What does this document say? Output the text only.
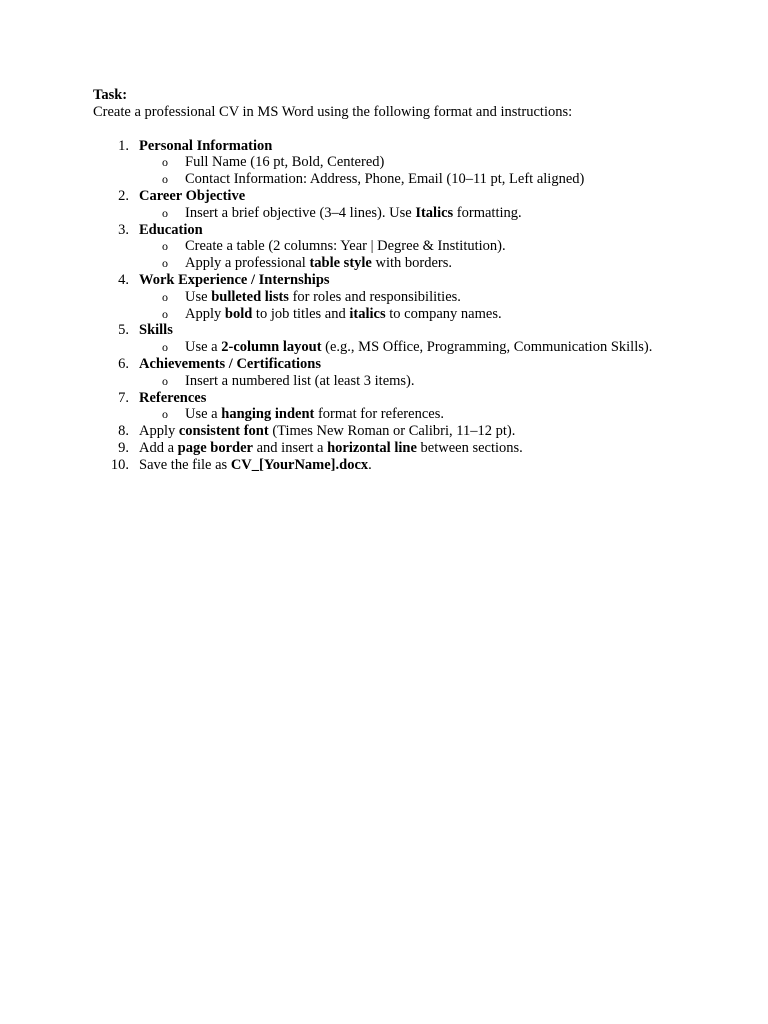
Task:
Create a professional CV in MS Word using the following format and instructions:
1. Personal Information
o Full Name (16 pt, Bold, Centered)
o Contact Information: Address, Phone, Email (10–11 pt, Left aligned)
2. Career Objective
o Insert a brief objective (3–4 lines). Use Italics formatting.
3. Education
o Create a table (2 columns: Year | Degree & Institution).
o Apply a professional table style with borders.
4. Work Experience / Internships
o Use bulleted lists for roles and responsibilities.
o Apply bold to job titles and italics to company names.
5. Skills
o Use a 2-column layout (e.g., MS Office, Programming, Communication Skills).
6. Achievements / Certifications
o Insert a numbered list (at least 3 items).
7. References
o Use a hanging indent format for references.
8. Apply consistent font (Times New Roman or Calibri, 11–12 pt).
9. Add a page border and insert a horizontal line between sections.
10. Save the file as CV_[YourName].docx.
